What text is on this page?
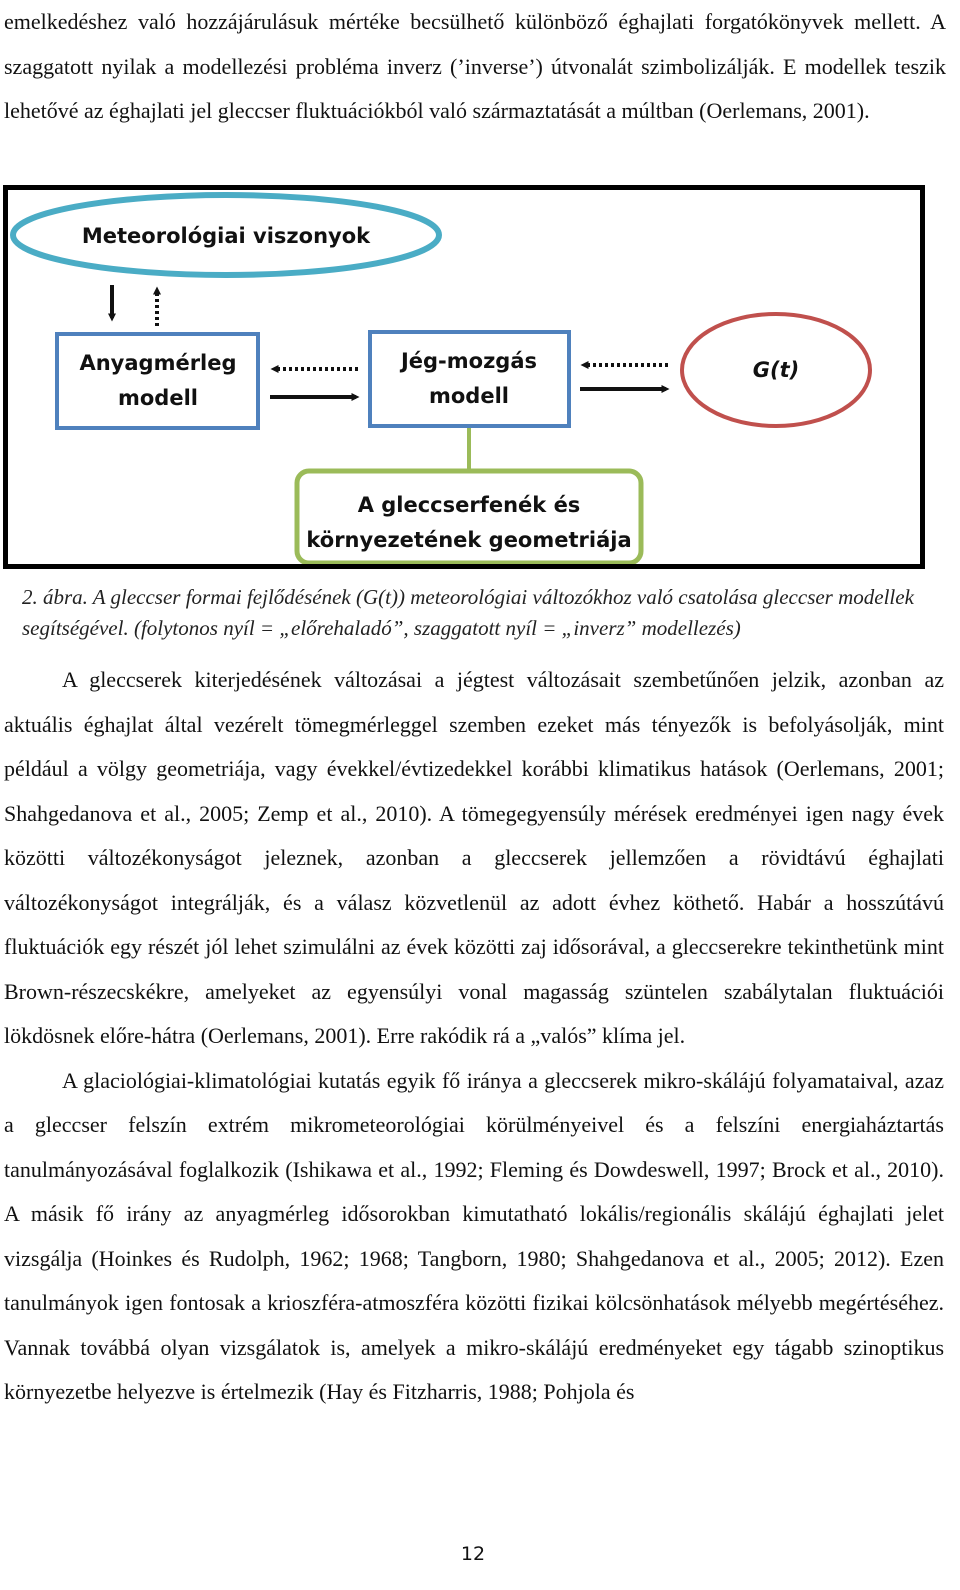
emelkedéshez való hozzájárulásuk mértéke becsülhető különböző éghajlati forgatókönyvek mellett. A szaggatott nyilak a modellezési probléma inverz (’inverse’) útvonalát szimbolizálják. E modellek teszik lehetővé az éghajlati jel gleccser fluktuációkból való származtatását a múltban (Oerlemans, 2001).

Meteorológiai viszonyok
Anyagmérleg
modell
Jég-mozgás
modell
G(t)
A gleccserfenék és
környezetének geometriája
2. ábra. A gleccser formai fejlődésének (G(t)) meteorológiai változókhoz való csatolása gleccser modellek segítségével. (folytonos nyíl = „előrehaladó”, szaggatott nyíl = „inverz” modellezés)

A gleccserek kiterjedésének változásai a jégtest változásait szembetűnően jelzik, azonban az aktuális éghajlat által vezérelt tömegmérleggel szemben ezeket más tényezők is befolyásolják, mint például a völgy geometriája, vagy évekkel/évtizedekkel korábbi klimatikus hatások (Oerlemans, 2001; Shahgedanova et al., 2005; Zemp et al., 2010). A tömegegyensúly mérések eredményei igen nagy évek közötti változékonyságot jeleznek, azonban a gleccserek jellemzően a rövidtávú éghajlati változékonyságot integrálják, és a válasz közvetlenül az adott évhez köthető. Habár a hosszútávú fluktuációk egy részét jól lehet szimulálni az évek közötti zaj idősorával, a gleccserekre tekinthetünk mint Brown-részecskékre, amelyeket az egyensúlyi vonal magasság szüntelen szabálytalan fluktuációi lökdösnek előre-hátra (Oerlemans, 2001). Erre rakódik rá a „valós” klíma jel.

A glaciológiai-klimatológiai kutatás egyik fő iránya a gleccserek mikro-skálájú folyamataival, azaz a gleccser felszín extrém mikrometeorológiai körülményeivel és a felszíni energiaháztartás tanulmányozásával foglalkozik (Ishikawa et al., 1992; Fleming és Dowdeswell, 1997; Brock et al., 2010). A másik fő irány az anyagmérleg idősorokban kimutatható lokális/regionális skálájú éghajlati jelet vizsgálja (Hoinkes és Rudolph, 1962; 1968; Tangborn, 1980; Shahgedanova et al., 2005; 2012). Ezen tanulmányok igen fontosak a krioszféra-atmoszféra közötti fizikai kölcsönhatások mélyebb megértéséhez. Vannak továbbá olyan vizsgálatok is, amelyek a mikro-skálájú eredményeket egy tágabb szinoptikus környezetbe helyezve is értelmezik (Hay és Fitzharris, 1988; Pohjola és

12
